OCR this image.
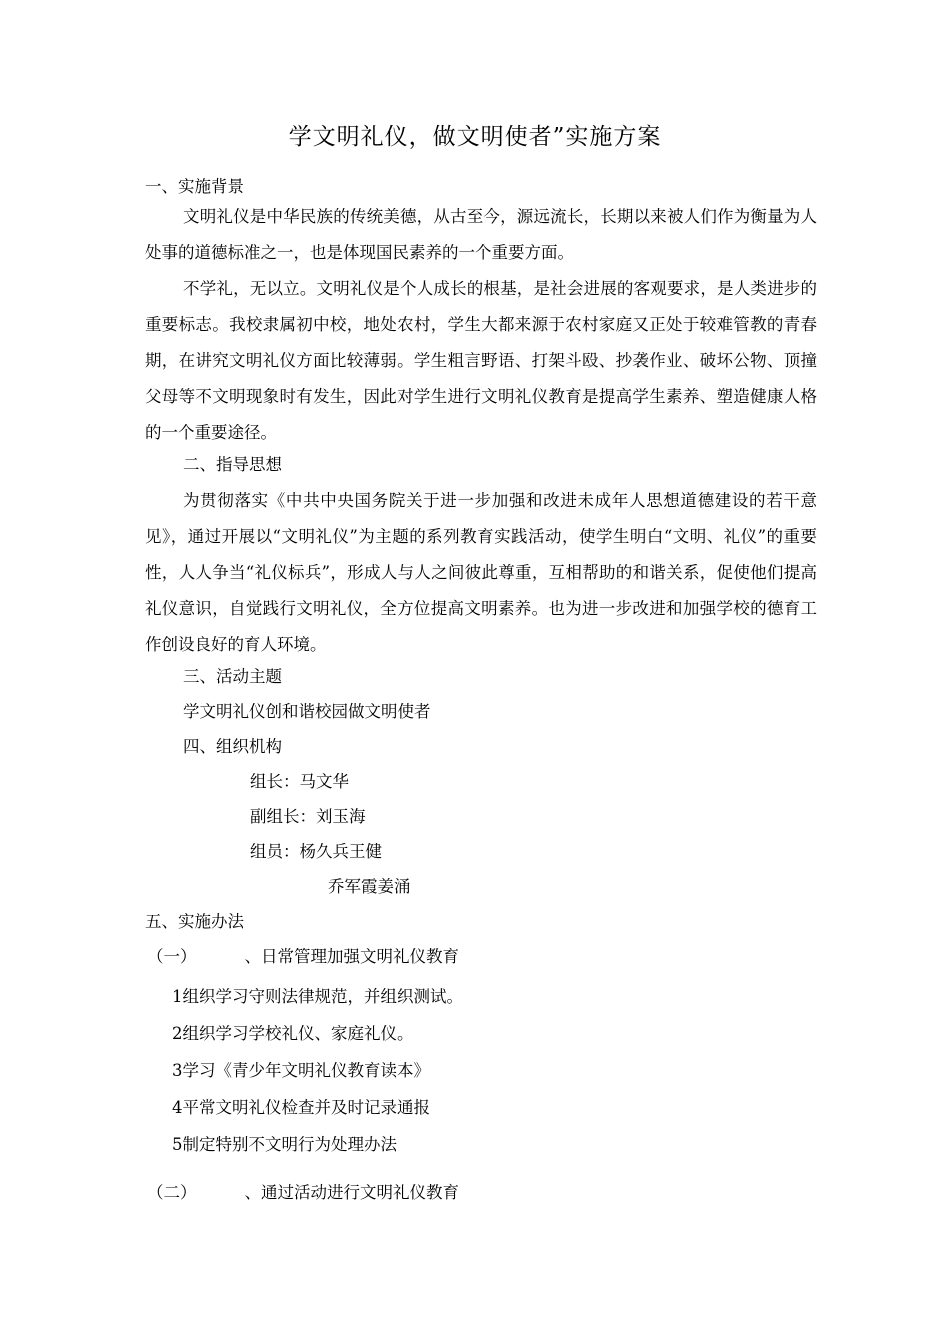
学文明礼仪，做文明使者”实施方案
一、实施背景
文明礼仪是中华民族的传统美德，从古至今，源远流长，长期以来被人们作为衡量为人处事的道德标准之一，也是体现国民素养的一个重要方面。
不学礼，无以立。文明礼仪是个人成长的根基，是社会进展的客观要求，是人类进步的重要标志。我校隶属初中校，地处农村，学生大都来源于农村家庭又正处于较难管教的青春期，在讲究文明礼仪方面比较薄弱。学生粗言野语、打架斗殴、抄袭作业、破坏公物、顶撞父母等不文明现象时有发生，因此对学生进行文明礼仪教育是提高学生素养、塑造健康人格的一个重要途径。
二、指导思想
为贯彻落实《中共中央国务院关于进一步加强和改进未成年人思想道德建设的若干意见》，通过开展以“文明礼仪”为主题的系列教育实践活动，使学生明白“文明、礼仪”的重要性，人人争当“礼仪标兵”，形成人与人之间彼此尊重，互相帮助的和谐关系，促使他们提高礼仪意识，自觉践行文明礼仪，全方位提高文明素养。也为进一步改进和加强学校的德育工作创设良好的育人环境。
三、活动主题
学文明礼仪创和谐校园做文明使者
四、组织机构
组长：马文华
副组长：刘玉海
组员：杨久兵王健
乔军霞姜涌
五、实施办法
（一）	、日常管理加强文明礼仪教育
1组织学习守则法律规范，并组织测试。
2组织学习学校礼仪、家庭礼仪。
3学习《青少年文明礼仪教育读本》
4平常文明礼仪检查并及时记录通报
5制定特别不文明行为处理办法
（二）	、通过活动进行文明礼仪教育
